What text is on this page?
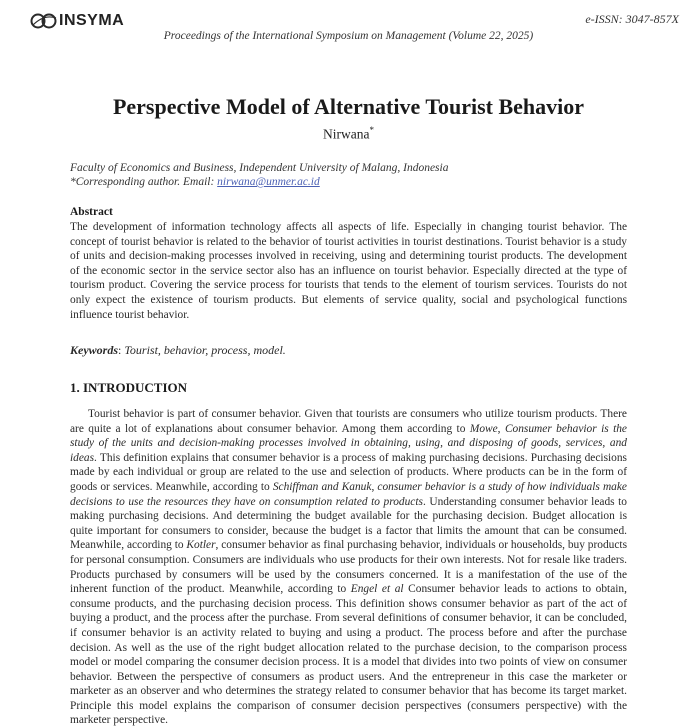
INSYMA	e-ISSN: 3047-857X
Proceedings of the International Symposium on Management (Volume 22, 2025)
Perspective Model of Alternative Tourist Behavior
Nirwana*
Faculty of Economics and Business, Independent University of Malang, Indonesia
*Corresponding author. Email: nirwana@unmer.ac.id
Abstract

The development of information technology affects all aspects of life. Especially in changing tourist behavior. The concept of tourist behavior is related to the behavior of tourist activities in tourist destinations. Tourist behavior is a study of units and decision-making processes involved in receiving, using and determining tourist products. The development of the economic sector in the service sector also has an influence on tourist behavior. Especially directed at the type of tourism product. Covering the service process for tourists that tends to the element of tourism services. Tourists do not only expect the existence of tourism products. But elements of service quality, social and psychological functions influence tourist behavior.

Keywords: Tourist, behavior, process, model.
1. INTRODUCTION

Tourist behavior is part of consumer behavior. Given that tourists are consumers who utilize tourism products. There are quite a lot of explanations about consumer behavior. Among them according to Mowe, Consumer behavior is the study of the units and decision-making processes involved in obtaining, using, and disposing of goods, services, and ideas. This definition explains that consumer behavior is a process of making purchasing decisions. Purchasing decisions made by each individual or group are related to the use and selection of products. Where products can be in the form of goods or services. Meanwhile, according to Schiffman and Kanuk, consumer behavior is a study of how individuals make decisions to use the resources they have on consumption related to products. Understanding consumer behavior leads to making purchasing decisions. And determining the budget available for the purchasing decision. Budget allocation is quite important for consumers to consider, because the budget is a factor that limits the amount that can be consumed. Meanwhile, according to Kotler, consumer behavior as final purchasing behavior, individuals or households, buy products for personal consumption. Consumers are individuals who use products for their own interests. Not for resale like traders. Products purchased by consumers will be used by the consumers concerned. It is a manifestation of the use of the inherent function of the product. Meanwhile, according to Engel et al Consumer behavior leads to actions to obtain, consume products, and the purchasing decision process. This definition shows consumer behavior as part of the act of buying a product, and the process after the purchase. From several definitions of consumer behavior, it can be concluded, if consumer behavior is an activity related to buying and using a product. The process before and after the purchase decision. As well as the use of the right budget allocation related to the purchase decision, to the comparison process model or model comparing the consumer decision process. It is a model that divides into two points of view on consumer behavior. Between the perspective of consumers as product users. And the entrepreneur in this case the marketer or marketer as an observer and who determines the strategy related to consumer behavior that has become its target market. Principle this model explains the comparison of consumer decision perspectives (consumers perspective) with the marketer perspective.
